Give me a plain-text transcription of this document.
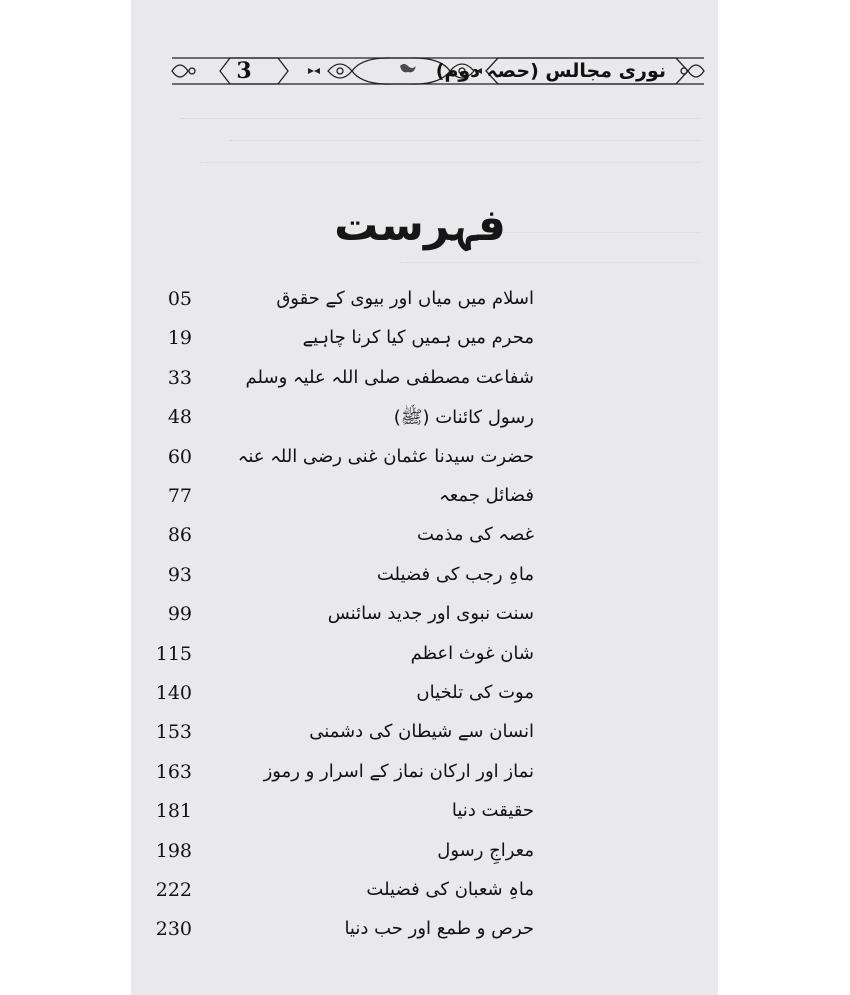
3	نوری مجالس (حصہ دوم)
فہرست
05	اسلام میں میاں اور بیوی کے حقوق
19	محرم میں ہمیں کیا کرنا چاہیے
33	شفاعت مصطفی صلی اللہ علیہ وسلم
48	رسول کائنات (ﷺ)
60	حضرت سیدنا عثمان غنی رضی اللہ عنہ
77	فضائل جمعہ
86	غصہ کی مذمت
93	ماہِ رجب کی فضیلت
99	سنت نبوی اور جدید سائنس
115	شان غوث اعظم
140	موت کی تلخیاں
153	انسان سے شیطان کی دشمنی
163	نماز اور ارکان نماز کے اسرار و رموز
181	حقیقت دنیا
198	معراجِ رسول
222	ماہِ شعبان کی فضیلت
230	حرص و طمع اور حب دنیا
